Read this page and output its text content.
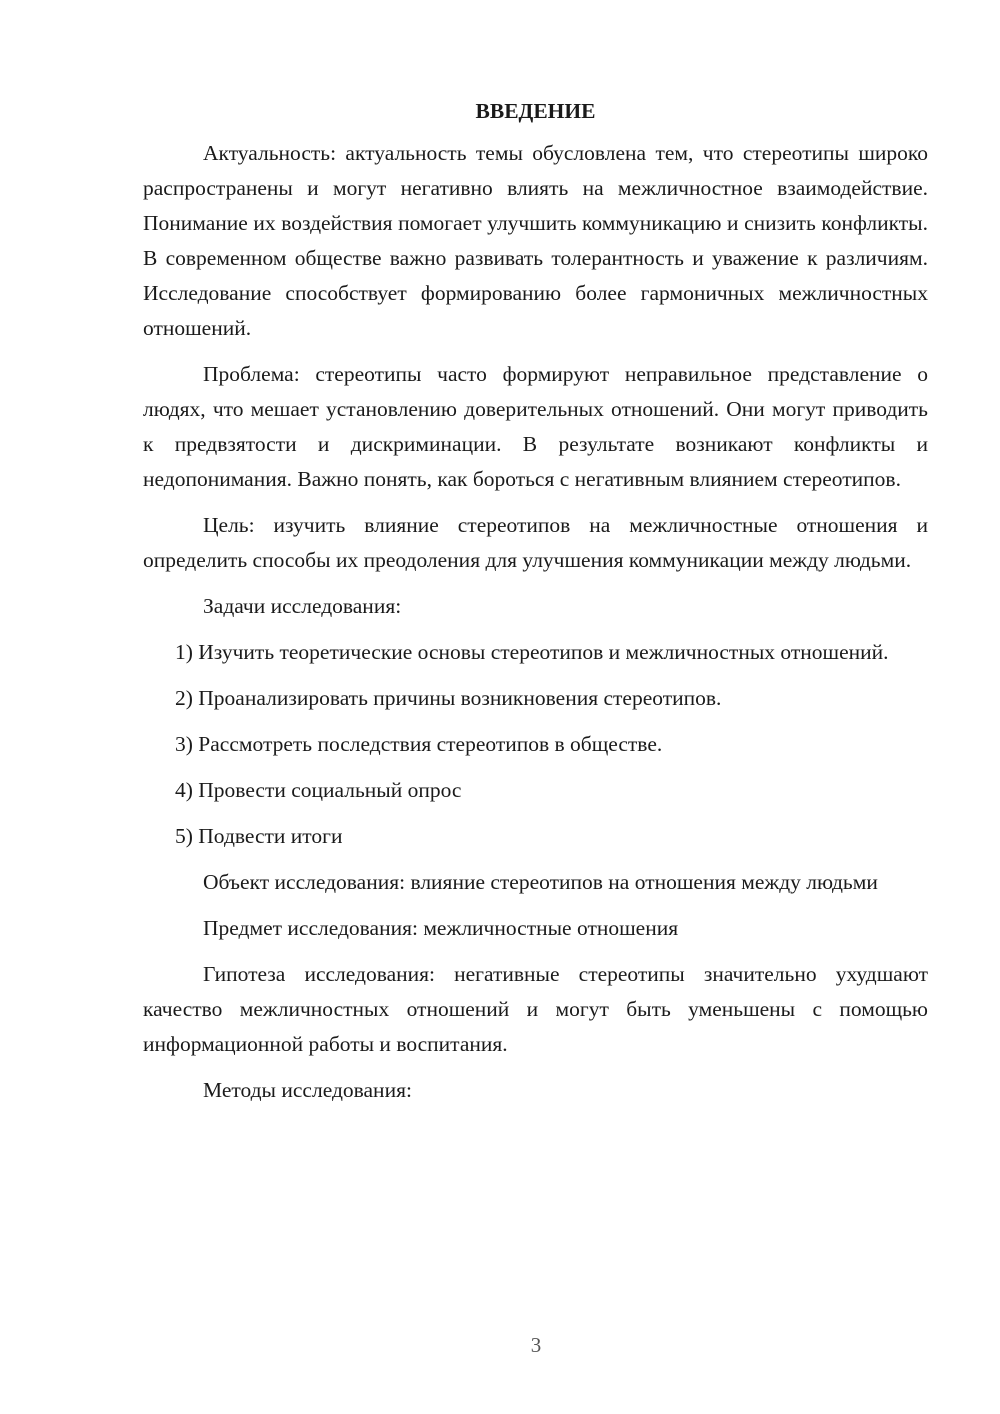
ВВЕДЕНИЕ

Актуальность: актуальность темы обусловлена тем, что стереотипы широко распространены и могут негативно влиять на межличностное взаимодействие. Понимание их воздействия помогает улучшить коммуникацию и снизить конфликты. В современном обществе важно развивать толерантность и уважение к различиям. Исследование способствует формированию более гармоничных межличностных отношений.

Проблема: стереотипы часто формируют неправильное представление о людях, что мешает установлению доверительных отношений. Они могут приводить к предвзятости и дискриминации. В результате возникают конфликты и недопонимания. Важно понять, как бороться с негативным влиянием стереотипов.

Цель: изучить влияние стереотипов на межличностные отношения и определить способы их преодоления для улучшения коммуникации между людьми.

Задачи исследования:

1) Изучить теоретические основы стереотипов и межличностных отношений.

2) Проанализировать причины возникновения стереотипов.

3) Рассмотреть последствия стереотипов в обществе.

4) Провести социальный опрос

5) Подвести итоги

Объект исследования: влияние стереотипов на отношения между людьми

Предмет исследования: межличностные отношения

Гипотеза исследования: негативные стереотипы значительно ухудшают качество межличностных отношений и могут быть уменьшены с помощью информационной работы и воспитания.

Методы исследования:

3
